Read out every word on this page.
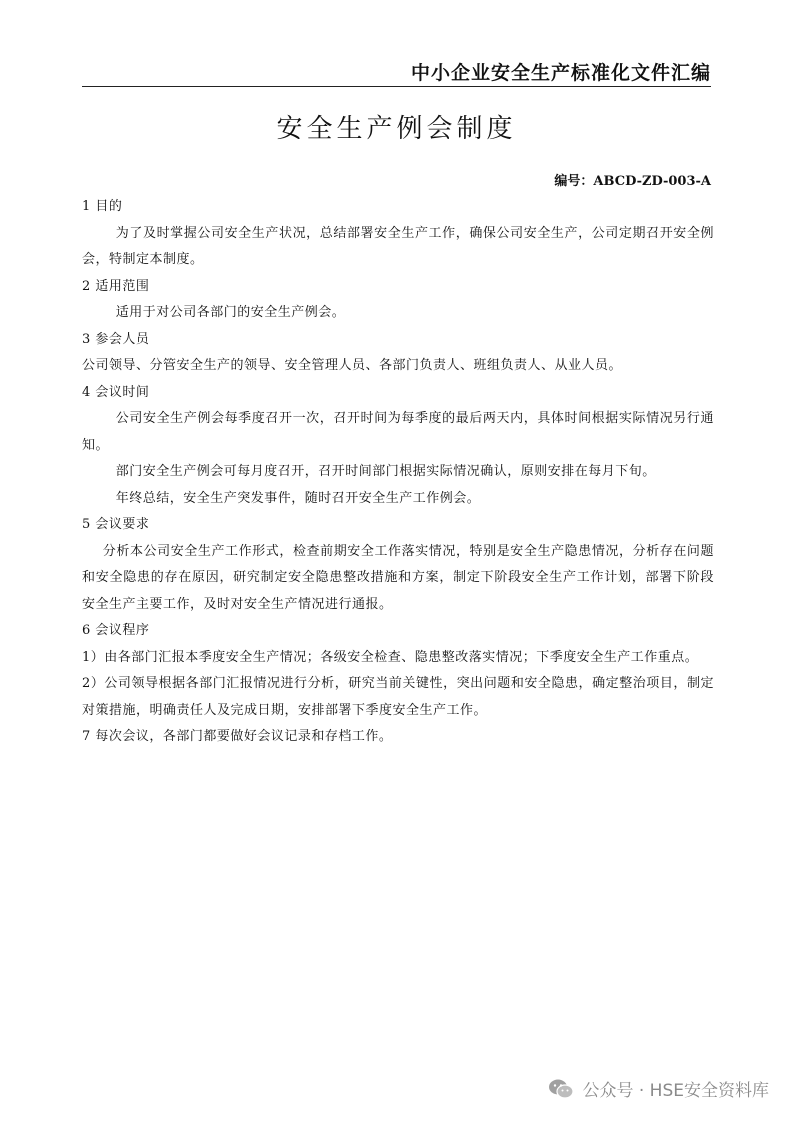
中小企业安全生产标准化文件汇编
安全生产例会制度
编号：ABCD-ZD-003-A

1 目的

为了及时掌握公司安全生产状况，总结部署安全生产工作，确保公司安全生产，公司定期召开安全例会，特制定本制度。

2 适用范围

适用于对公司各部门的安全生产例会。

3 参会人员

公司领导、分管安全生产的领导、安全管理人员、各部门负责人、班组负责人、从业人员。

4 会议时间

公司安全生产例会每季度召开一次，召开时间为每季度的最后两天内，具体时间根据实际情况另行通知。

部门安全生产例会可每月度召开，召开时间部门根据实际情况确认，原则安排在每月下旬。

年终总结，安全生产突发事件，随时召开安全生产工作例会。

5 会议要求

分析本公司安全生产工作形式，检查前期安全工作落实情况，特别是安全生产隐患情况，分析存在问题和安全隐患的存在原因，研究制定安全隐患整改措施和方案，制定下阶段安全生产工作计划，部署下阶段安全生产主要工作，及时对安全生产情况进行通报。

6 会议程序

1）由各部门汇报本季度安全生产情况；各级安全检查、隐患整改落实情况；下季度安全生产工作重点。

2）公司领导根据各部门汇报情况进行分析，研究当前关键性，突出问题和安全隐患，确定整治项目，制定对策措施，明确责任人及完成日期，安排部署下季度安全生产工作。

7 每次会议，各部门都要做好会议记录和存档工作。

公众号 · HSE安全资料库
